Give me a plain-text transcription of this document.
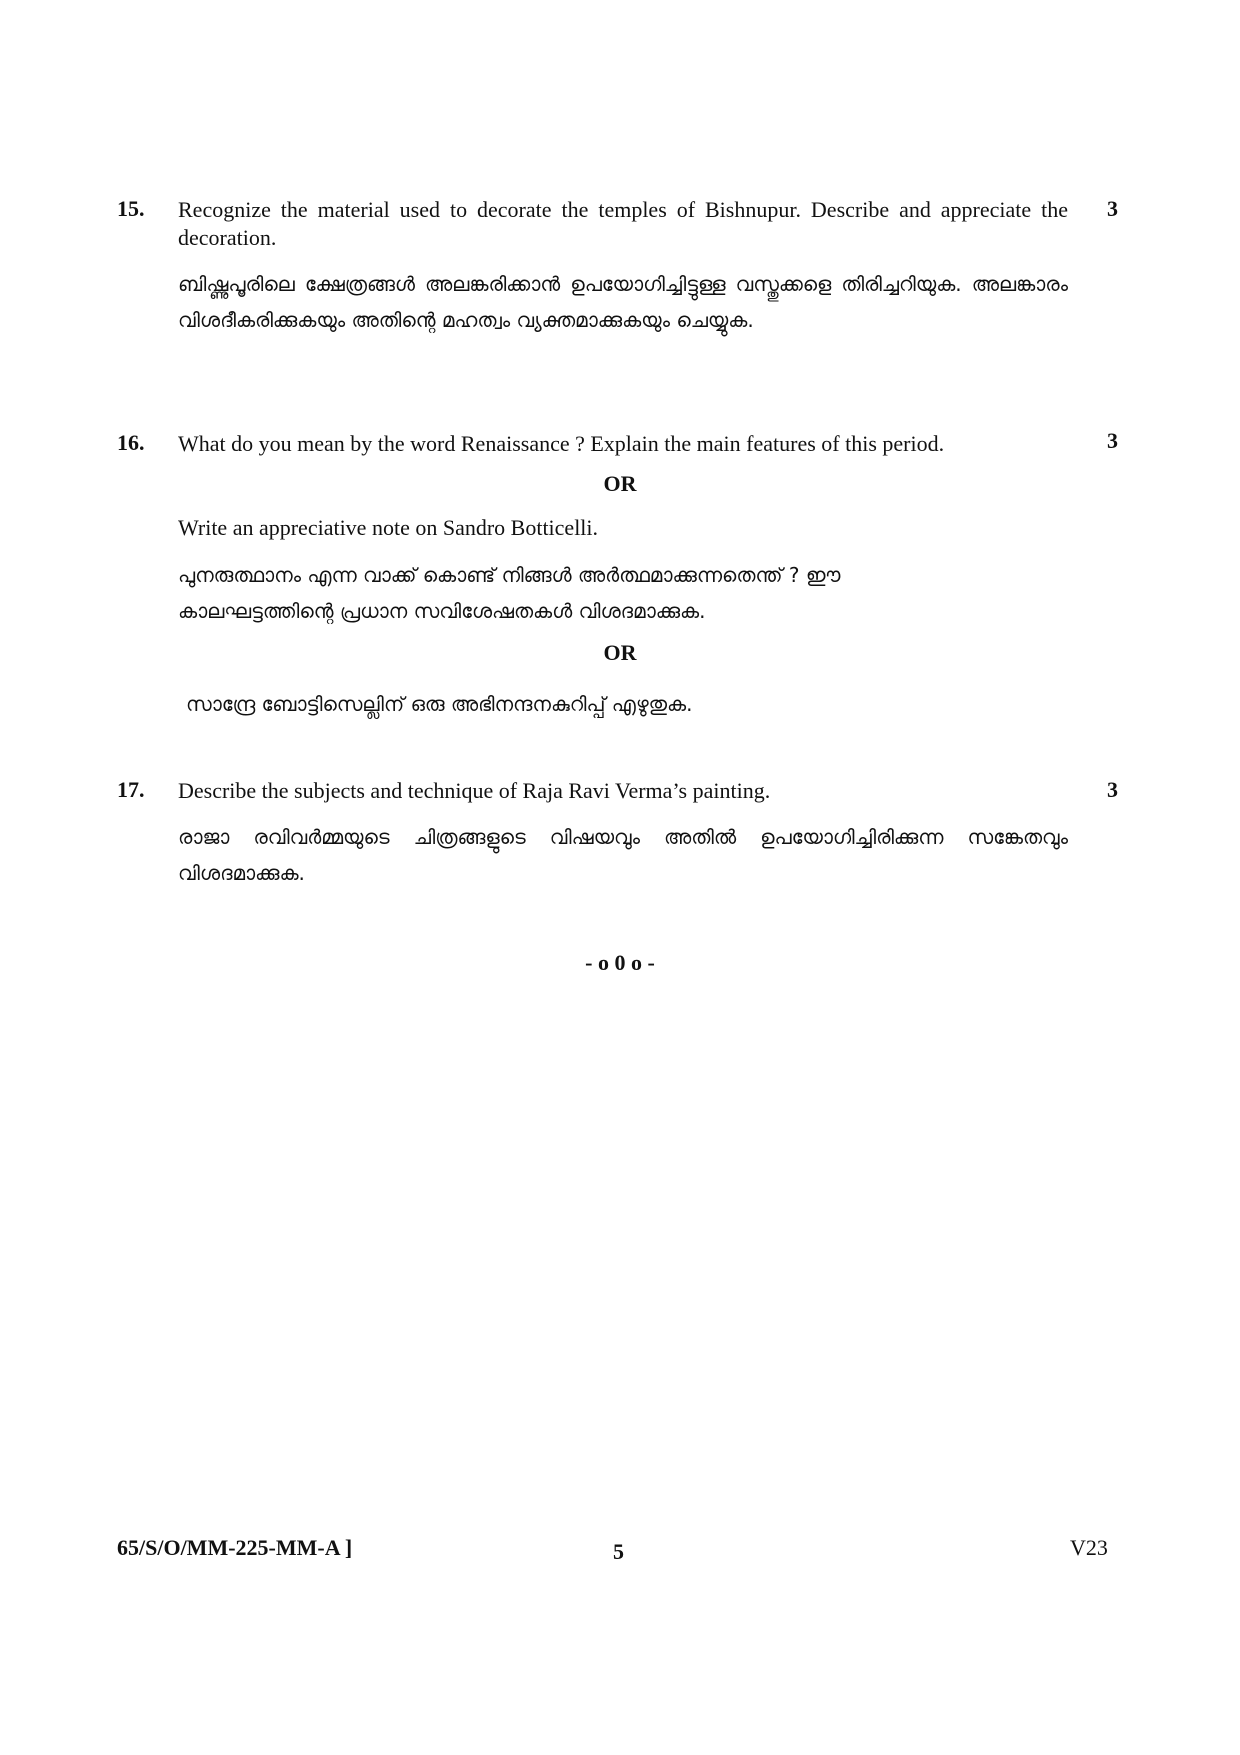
15.	3
Recognize the material used to decorate the temples of Bishnupur. Describe and appreciate the decoration.
ബിഷ്ണുപൂരിലെ ക്ഷേത്രങ്ങൾ അലങ്കരിക്കാൻ ഉപയോഗിച്ചിട്ടുള്ള വസ്തുക്കളെ തിരിച്ചറിയുക. അലങ്കാരം വിശദീകരിക്കുകയും അതിന്റെ മഹത്വം വ്യക്തമാക്കുകയും ചെയ്യുക.
16.	3
What do you mean by the word Renaissance ? Explain the main features of this period.
OR
Write an appreciative note on Sandro Botticelli.
പുനരുത്ഥാനം എന്ന വാക്ക് കൊണ്ട് നിങ്ങൾ അർത്ഥമാക്കുന്നതെന്ത് ? ഈ കാലഘട്ടത്തിന്റെ പ്രധാന സവിശേഷതകൾ വിശദമാക്കുക.
OR
സാന്ദ്രേ ബോട്ടിസെല്ലിന് ഒരു അഭിനന്ദനകുറിപ്പ് എഴുതുക.
17.	3
Describe the subjects and technique of Raja Ravi Verma’s painting.
രാജാ രവിവർമ്മയുടെ ചിത്രങ്ങളുടെ വിഷയവും അതിൽ ഉപയോഗിച്ചിരിക്കുന്ന സങ്കേതവും വിശദമാക്കുക.
- o 0 o -
65/S/O/MM-225-MM-A ]	5	V23
